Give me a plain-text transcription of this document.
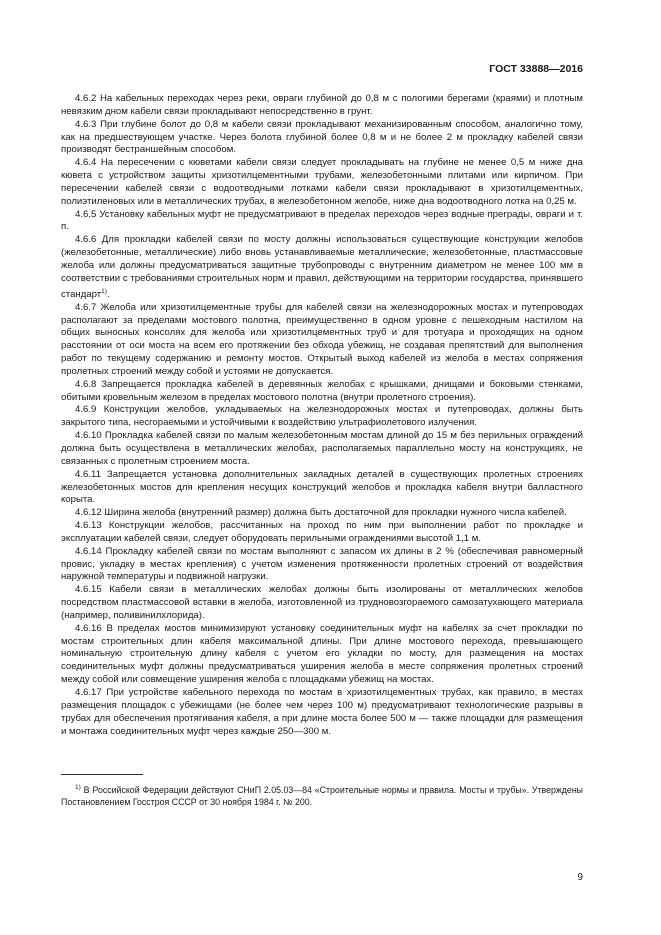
ГОСТ 33888—2016

4.6.2 На кабельных переходах через реки, овраги глубиной до 0,8 м с пологими берегами (краями) и плотным невязким дном кабели связи прокладывают непосредственно в грунт.

4.6.3 При глубине болот до 0,8 м кабели связи прокладывают механизированным способом, аналогично тому, как на предшествующем участке. Через болота глубиной более 0,8 м и не более 2 м прокладку кабелей связи производят бестраншейным способом.

4.6.4 На пересечении с кюветами кабели связи следует прокладывать на глубине не менее 0,5 м ниже дна кювета с устройством защиты хризотилцементными трубами, железобетонными плитами или кирпичом. При пересечении кабелей связи с водоотводными лотками кабели связи прокладывают в хризотилцементных, полиэтиленовых или в металлических трубах, в железобетонном желобе, ниже дна водоотводного лотка на 0,25 м.

4.6.5 Установку кабельных муфт не предусматривают в пределах переходов через водные преграды, овраги и т. п.

4.6.6 Для прокладки кабелей связи по мосту должны использоваться существующие конструкции желобов (железобетонные, металлические) либо вновь устанавливаемые металлические, железобетонные, пластмассовые желоба или должны предусматриваться защитные трубопроводы с внутренним диаметром не менее 100 мм в соответствии с требованиями строительных норм и правил, действующими на территории государства, принявшего стандарт$^{1)}$.

4.6.7 Желоба или хризотилцементные трубы для кабелей связи на железнодорожных мостах и путепроводах располагают за пределами мостового полотна, преимущественно в одном уровне с пешеходным настилом на общих выносных консолях для желоба или хризотилцементных труб и для тротуара и проходящих на одном расстоянии от оси моста на всем его протяжении без обхода убежищ, не создавая препятствий для выполнения работ по текущему содержанию и ремонту мостов. Открытый выход кабелей из желоба в местах сопряжения пролетных строений между собой и устоями не допускается.

4.6.8 Запрещается прокладка кабелей в деревянных желобах с крышками, днищами и боковыми стенками, обитыми кровельным железом в пределах мостового полотна (внутри пролетного строения).

4.6.9 Конструкции желобов, укладываемых на железнодорожных мостах и путепроводах, должны быть закрытого типа, несгораемыми и устойчивыми к воздействию ультрафиолетового излучения.

4.6.10 Прокладка кабелей связи по малым железобетонным мостам длиной до 15 м без перильных ограждений должна быть осуществлена в металлических желобах, располагаемых параллельно мосту на конструкциях, не связанных с пролетным строением моста.

4.6.11 Запрещается установка дополнительных закладных деталей в существующих пролетных строениях железобетонных мостов для крепления несущих конструкций желобов и прокладка кабеля внутри балластного корыта.

4.6.12 Ширина желоба (внутренний размер) должна быть достаточной для прокладки нужного числа кабелей.

4.6.13 Конструкции желобов, рассчитанных на проход по ним при выполнении работ по прокладке и эксплуатации кабелей связи, следует оборудовать перильными ограждениями высотой 1,1 м.

4.6.14 Прокладку кабелей связи по мостам выполняют с запасом их длины в 2 % (обеспечивая равномерный провис, укладку в местах крепления) с учетом изменения протяженности пролетных строений от воздействия наружной температуры и подвижной нагрузки.

4.6.15 Кабели связи в металлических желобах должны быть изолированы от металлических желобов посредством пластмассовой вставки в желоба, изготовленной из трудновозгораемого самозатухающего материала (например, поливинилхлорида).

4.6.16 В пределах мостов минимизируют установку соединительных муфт на кабелях за счет прокладки по мостам строительных длин кабеля максимальной длины. При длине мостового перехода, превышающего номинальную строительную длину кабеля с учетом его укладки по мосту, для размещения на мостах соединительных муфт должны предусматриваться уширения желоба в месте сопряжения пролетных строений между собой или совмещение уширения желоба с площадками убежищ на мостах.

4.6.17 При устройстве кабельного перехода по мостам в хризотилцементных трубах, как правило, в местах размещения площадок с убежищами (не более чем через 100 м) предусматривают технологические разрывы в трубах для обеспечения протягивания кабеля, а при длине моста более 500 м — также площадки для размещения и монтажа соединительных муфт через каждые 250—300 м.

$^{1)}$ В Российской Федерации действуют СНиП 2.05.03—84 «Строительные нормы и правила. Мосты и трубы». Утверждены Постановлением Госстроя СССР от 30 ноября 1984 г. № 200.

9
